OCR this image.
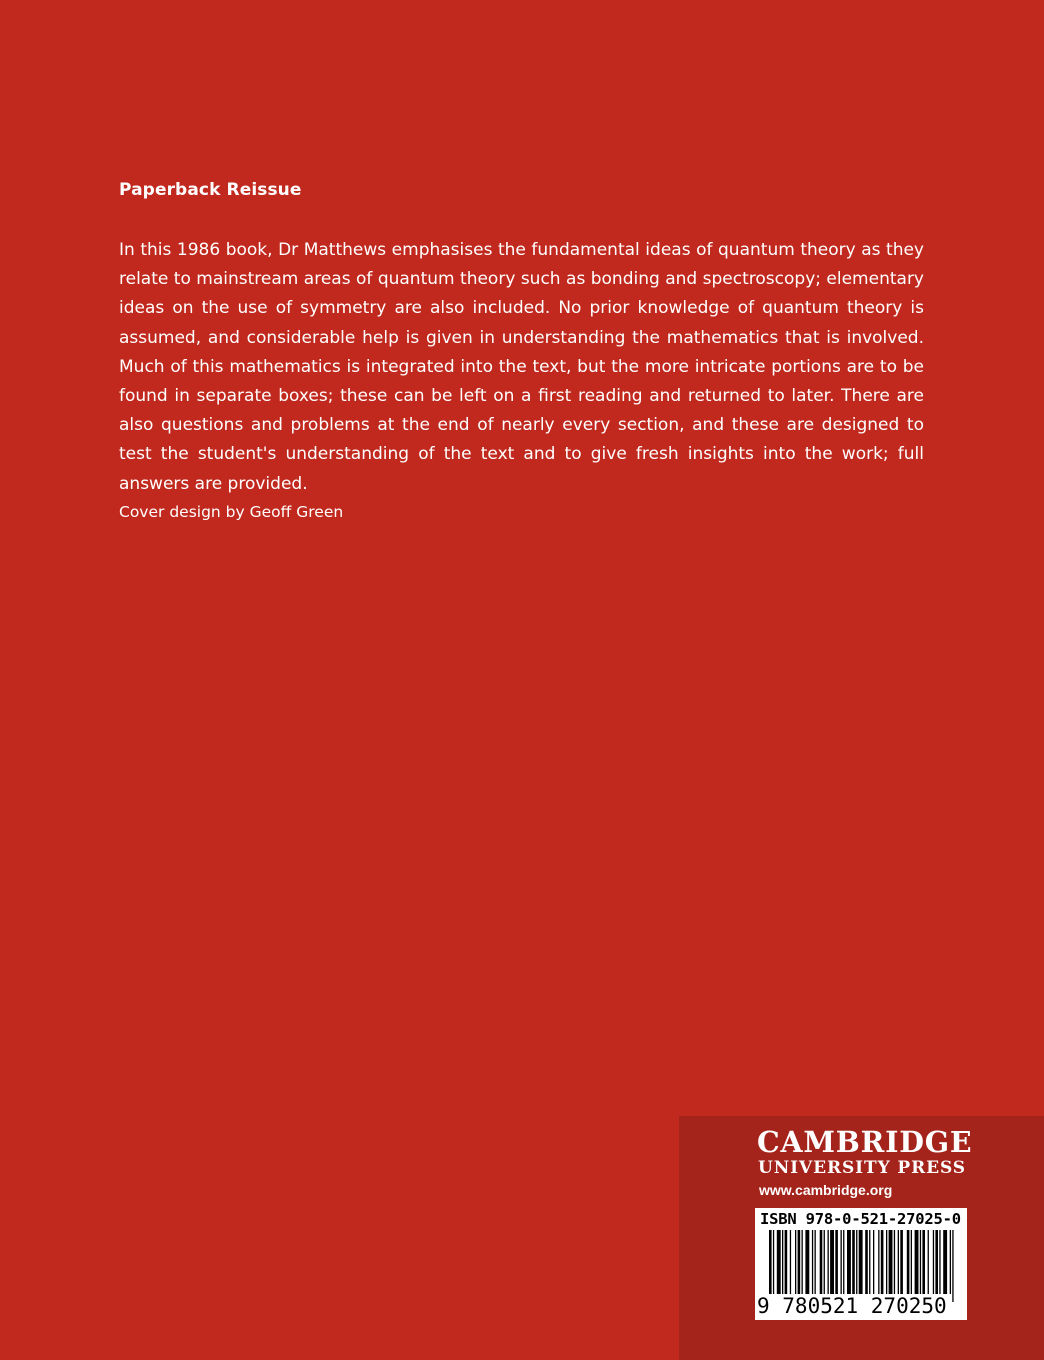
Paperback Reissue

In this 1986 book, Dr Matthews emphasises the fundamental ideas of quantum theory as they relate to mainstream areas of quantum theory such as bonding and spectroscopy; elementary ideas on the use of symmetry are also included. No prior knowledge of quantum theory is assumed, and considerable help is given in understanding the mathematics that is involved. Much of this mathematics is integrated into the text, but the more intricate portions are to be found in separate boxes; these can be left on a first reading and returned to later. There are also questions and problems at the end of nearly every section, and these are designed to test the student's understanding of the text and to give fresh insights into the work; full answers are provided.

Cover design by Geoff Green
CAMBRIDGE
UNIVERSITY PRESS
www.cambridge.org
ISBN 978-0-521-27025-0
9 780521 270250
